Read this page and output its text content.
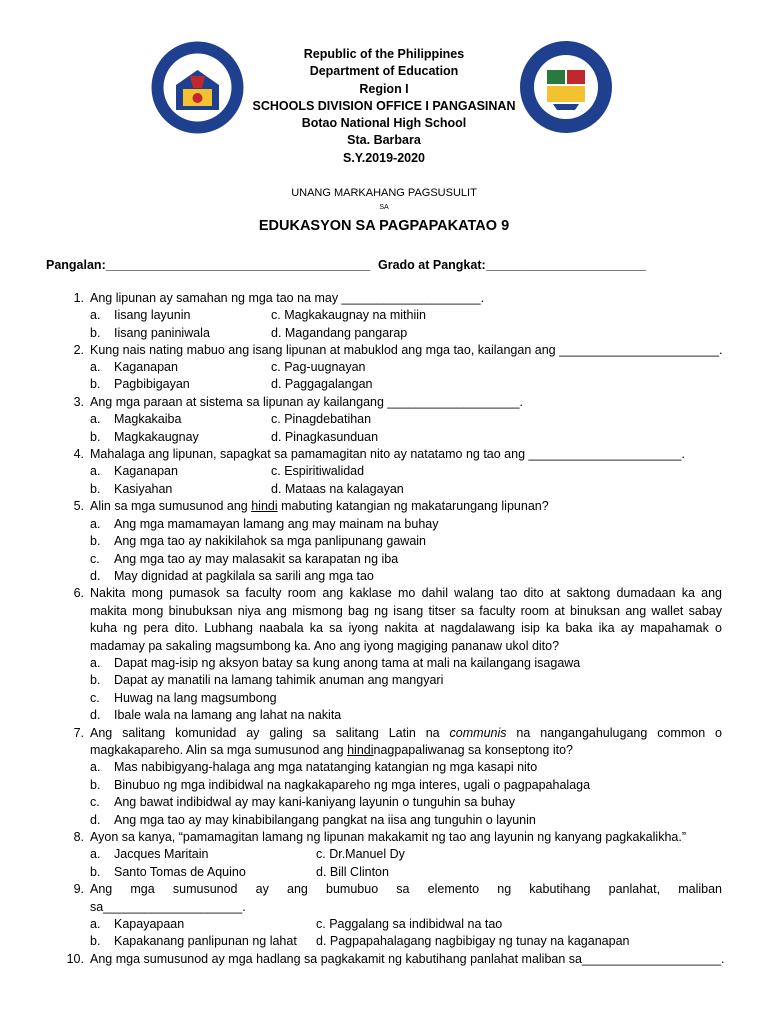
Republic of the Philippines
Department of Education
Region I
SCHOOLS DIVISION OFFICE I PANGASINAN
Botao National High School
Sta. Barbara
S.Y.2019-2020
UNANG MARKAHANG PAGSUSULIT
SA
EDUKASYON SA PAGPAPAKATAO 9
Pangalan: ______________________________________ Grado at Pangkat: _______________________
1. Ang lipunan ay samahan ng mga tao na may ____________________.
a. Iisang layunin	c. Magkakaugnay na mithiin
b. Iisang paniniwala	d. Magandang pangarap
2. Kung nais nating mabuo ang isang lipunan at mabuklod ang mga tao, kailangan ang _______________________.
a. Kaganapan	c. Pag-uugnayan
b. Pagbibigayan	d. Paggagalangan
3. Ang mga paraan at sistema sa lipunan ay kailangang ___________________.
a. Magkakaiba	c. Pinagdebatihan
b. Magkakaugnay	d. Pinagkasunduan
4. Mahalaga ang lipunan, sapagkat sa pamamagitan nito ay natatamo ng tao ang ______________________.
a. Kaganapan	c. Espiritiwalidad
b. Kasiyahan	d. Mataas na kalagayan
5. Alin sa mga sumusunod ang hindi mabuting katangian ng makatarungang lipunan?
a. Ang mga mamamayan lamang ang may mainam na buhay
b. Ang mga tao ay nakikilahok sa mga panlipunang gawain
c. Ang mga tao ay may malasakit sa karapatan ng iba
d. May dignidad at pagkilala sa sarili ang mga tao
6. Nakita mong pumasok sa faculty room ang kaklase mo dahil walang tao dito at saktong dumadaan ka ang
makita mong binubuksan niya ang mismong bag ng isang titser sa faculty room at binuksan ang wallet sabay
kuha ng pera dito. Lubhang naabala ka sa iyong nakita at nagdalawang isip ka baka ika ay mapahamak o
madamay pa sakaling magsumbong ka. Ano ang iyong magiging pananaw ukol dito?
a. Dapat mag-isip ng aksyon batay sa kung anong tama at mali na kailangang isagawa
b. Dapat ay manatili na lamang tahimik anuman ang mangyari
c. Huwag na lang magsumbong
d. Ibale wala na lamang ang lahat na nakita
7. Ang salitang komunidad ay galing sa salitang Latin na communis na nangangahulugang common o
magkakapareho. Alin sa mga sumusunod ang hindinagpapaliwanag sa konseptong ito?
a. Mas nabibigyang-halaga ang mga natatanging katangian ng mga kasapi nito
b. Binubuo ng mga indibidwal na nagkakapareho ng mga interes, ugali o pagpapahalaga
c. Ang bawat indibidwal ay may kani-kaniyang layunin o tunguhin sa buhay
d. Ang mga tao ay may kinabibilangang pangkat na iisa ang tunguhin o layunin
8. Ayon sa kanya, “pamamagitan lamang ng lipunan makakamit ng tao ang layunin ng kanyang pagkakalikha.”
a. Jacques Maritain	c. Dr.Manuel Dy
b. Santo Tomas de Aquino	d. Bill Clinton
9. Ang mga sumusunod ay ang bumubuo sa elemento ng kabutihang panlahat, maliban
sa____________________.
a. Kapayapaan	c. Paggalang sa indibidwal na tao
b. Kapakanang panlipunan ng lahat d. Pagpapahalagang nagbibigay ng tunay na kaganapan
10. Ang mga sumusunod ay mga hadlang sa pagkakamit ng kabutihang panlahat maliban sa____________________.
